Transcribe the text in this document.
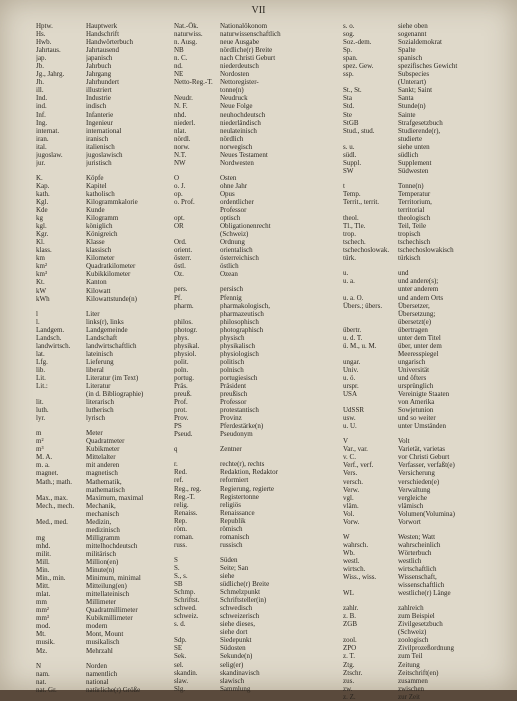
VII
Hptw.	Hauptwerk
Hs.	Handschrift
Hwb.	Handwörterbuch
Jahrtaus.	Jahrtausend
jap.	japanisch
Jb.	Jahrbuch
Jg., Jahrg.	Jahrgang
Jh.	Jahrhundert
ill.	illustriert
Ind.	Industrie
ind.	indisch
Inf.	Infanterie
Ing.	Ingenieur
internat.	international
iran.	iranisch
ital.	italienisch
jugoslaw.	jugoslawisch
jur.	juristisch
K.	Köpfe
Kap.	Kapitel
kath.	katholisch
Kgl.	Kilogrammkalorie
Kde	Kunde
kg	Kilogramm
kgl.	königlich
Kgr.	Königreich
Kl.	Klasse
klass.	klassisch
km	Kilometer
km²	Quadratkilometer
km³	Kubikkilometer
Kt.	Kanton
kW	Kilowatt
kWh	Kilowattstunde(n)
l	Liter
l.	links(r), links
Landgem.	Landgemeinde
Landsch.	Landschaft
landwirtsch.	landwirtschaftlich
lat.	lateinisch
Lfg.	Lieferung
lib.	liberal
Lit.	Literatur (im Text)
Lit.:	Literatur
(in d. Bibliographie)
lit.	literarisch
luth.	lutherisch
lyr.	lyrisch
m	Meter
m²	Quadratmeter
m³	Kubikmeter
M. A.	Mittelalter
m. a.	mit anderen
magnet.	magnetisch
Math.; math.	Mathematik,
mathematisch
Max., max.	Maximum, maximal
Mech., mech.	Mechanik,
mechanisch
Med., med.	Medizin,
medizinisch
mg	Milligramm
mhd.	mittelhochdeutsch
milit.	militärisch
Mill.	Million(en)
Min.	Minute(n)
Min., min.	Minimum, minimal
Mitt.	Mitteilung(en)
mlat.	mittellateinisch
mm	Millimeter
mm²	Quadratmillimeter
mm³	Kubikmillimeter
mod.	modern
Mt.	Mont, Mount
musik.	musikalisch
Mz.	Mehrzahl
N	Norden
nam.	namentlich
nat.	national
nat. Gr.	natürliche(r) Größe
Nat.-Ök.	Nationalökonom
naturwiss.	naturwissenschaftlich
n. Ausg.	neue Ausgabe
NB	nördliche(r) Breite
n. C.	nach Christi Geburt
nd.	niederdeutsch
NE	Nordosten
Netto-Reg.-T.	Nettoregister-
tonne(n)
Neudr.	Neudruck
N. F.	Neue Folge
nhd.	neuhochdeutsch
niederl.	niederländisch
nlat.	neulateinisch
nördl.	nördlich
norw.	norwegisch
N.T.	Neues Testament
NW	Nordwesten
O	Osten
o. J.	ohne Jahr
op.	Opus
o. Prof.	ordentlicher
Professor
opt.	optisch
OR	Obligationenrecht
(Schweiz)
Ord.	Ordnung
orient.	orientalisch
österr.	österreichisch
östl.	östlich
Oz.	Ozean
pers.	persisch
Pf.	Pfennig
pharm.	pharmakologisch,
pharmazeutisch
philos.	philosophisch
photogr.	photographisch
phys.	physisch
physikal.	physikalisch
physiol.	physiologisch
polit.	politisch
poln.	polnisch
portug.	portugiesisch
Präs.	Präsident
preuß.	preußisch
Prof.	Professor
prot.	protestantisch
Prov.	Provinz
PS	Pferdestärke(n)
Pseud.	Pseudonym
q	Zentner
r.	rechte(r), rechts
Red.	Redaktion, Redaktor
ref.	reformiert
Reg., reg.	Regierung, regierte
Reg.-T.	Registertonne
relig.	religiös
Renaiss.	Renaissance
Rep.	Republik
röm.	römisch
roman.	romanisch
russ.	russisch
S	Süden
S.	Seite; San
S., s.	siehe
SB	südliche(r) Breite
Schmp.	Schmelzpunkt
Schriftst.	Schriftsteller(in)
schwed.	schwedisch
schweiz.	schweizerisch
s. d.	siehe dieses,
siehe dort
Sdp.	Siedepunkt
SE	Südosten
Sek.	Sekunde(n)
sel.	selig(er)
skandin.	skandinavisch
slaw.	slawisch
Slg.	Sammlung
s. o.	siehe oben
sog.	sogenannt
Soz.-dem.	Sozialdemokrat
Sp.	Spalte
span.	spanisch
spez. Gew.	spezifisches Gewicht
ssp.	Subspecies
(Unterart)
St., St.	Sankt; Saint
Sta	Santa
Std.	Stunde(n)
Ste	Sainte
StGB	Strafgesetzbuch
Stud., stud.	Studierende(r),
studierte
s. u.	siehe unten
südl.	südlich
Suppl.	Supplement
SW	Südwesten
t	Tonne(n)
Temp.	Temperatur
Territ., territ.	Territorium,
territorial
theol.	theologisch
Tl., Tle.	Teil, Teile
trop.	tropisch
tschech.	tschechisch
tschechoslowak.	tschechoslowakisch
türk.	türkisch
u.	und
u. a.	und andere(s);
unter anderem
u. a. O.	und andern Orts
Übers.; übers.	Übersetzer,
Übersetzung;
übersetzt(e)
übertr.	übertragen
u. d. T.	unter dem Titel
ü. M., u. M.	über, unter dem
Meeresspiegel
ungar.	ungarisch
Univ.	Universität
u. ö.	und öfters
urspr.	ursprünglich
USA	Vereinigte Staaten
von Amerika
UdSSR	Sowjetunion
usw.	und so weiter
u. U.	unter Umständen
V	Volt
Var., var.	Varietät, varietas
v. C.	vor Christi Geburt
Verf., verf.	Verfasser, verfaßt(e)
Vers.	Versicherung
versch.	verschieden(e)
Verw.	Verwaltung
vgl.	vergleiche
vläm.	vlämisch
Vol.	Volumen(Volumina)
Vorw.	Vorwort
W	Westen; Watt
wahrsch.	wahrscheinlich
Wb.	Wörterbuch
westl.	westlich
wirtsch.	wirtschaftlich
Wiss., wiss.	Wissenschaft,
wissenschaftlich
WL	westliche(r) Länge
zahlr.	zahlreich
z. B.	zum Beispiel
ZGB	Zivilgesetzbuch
(Schweiz)
zool.	zoologisch
ZPO	Zivilprozeßordnung
z. T.	zum Teil
Ztg.	Zeitung
Ztschr.	Zeitschrift(en)
zus.	zusammen
zw.	zwischen
z. Z.	zur Zeit
